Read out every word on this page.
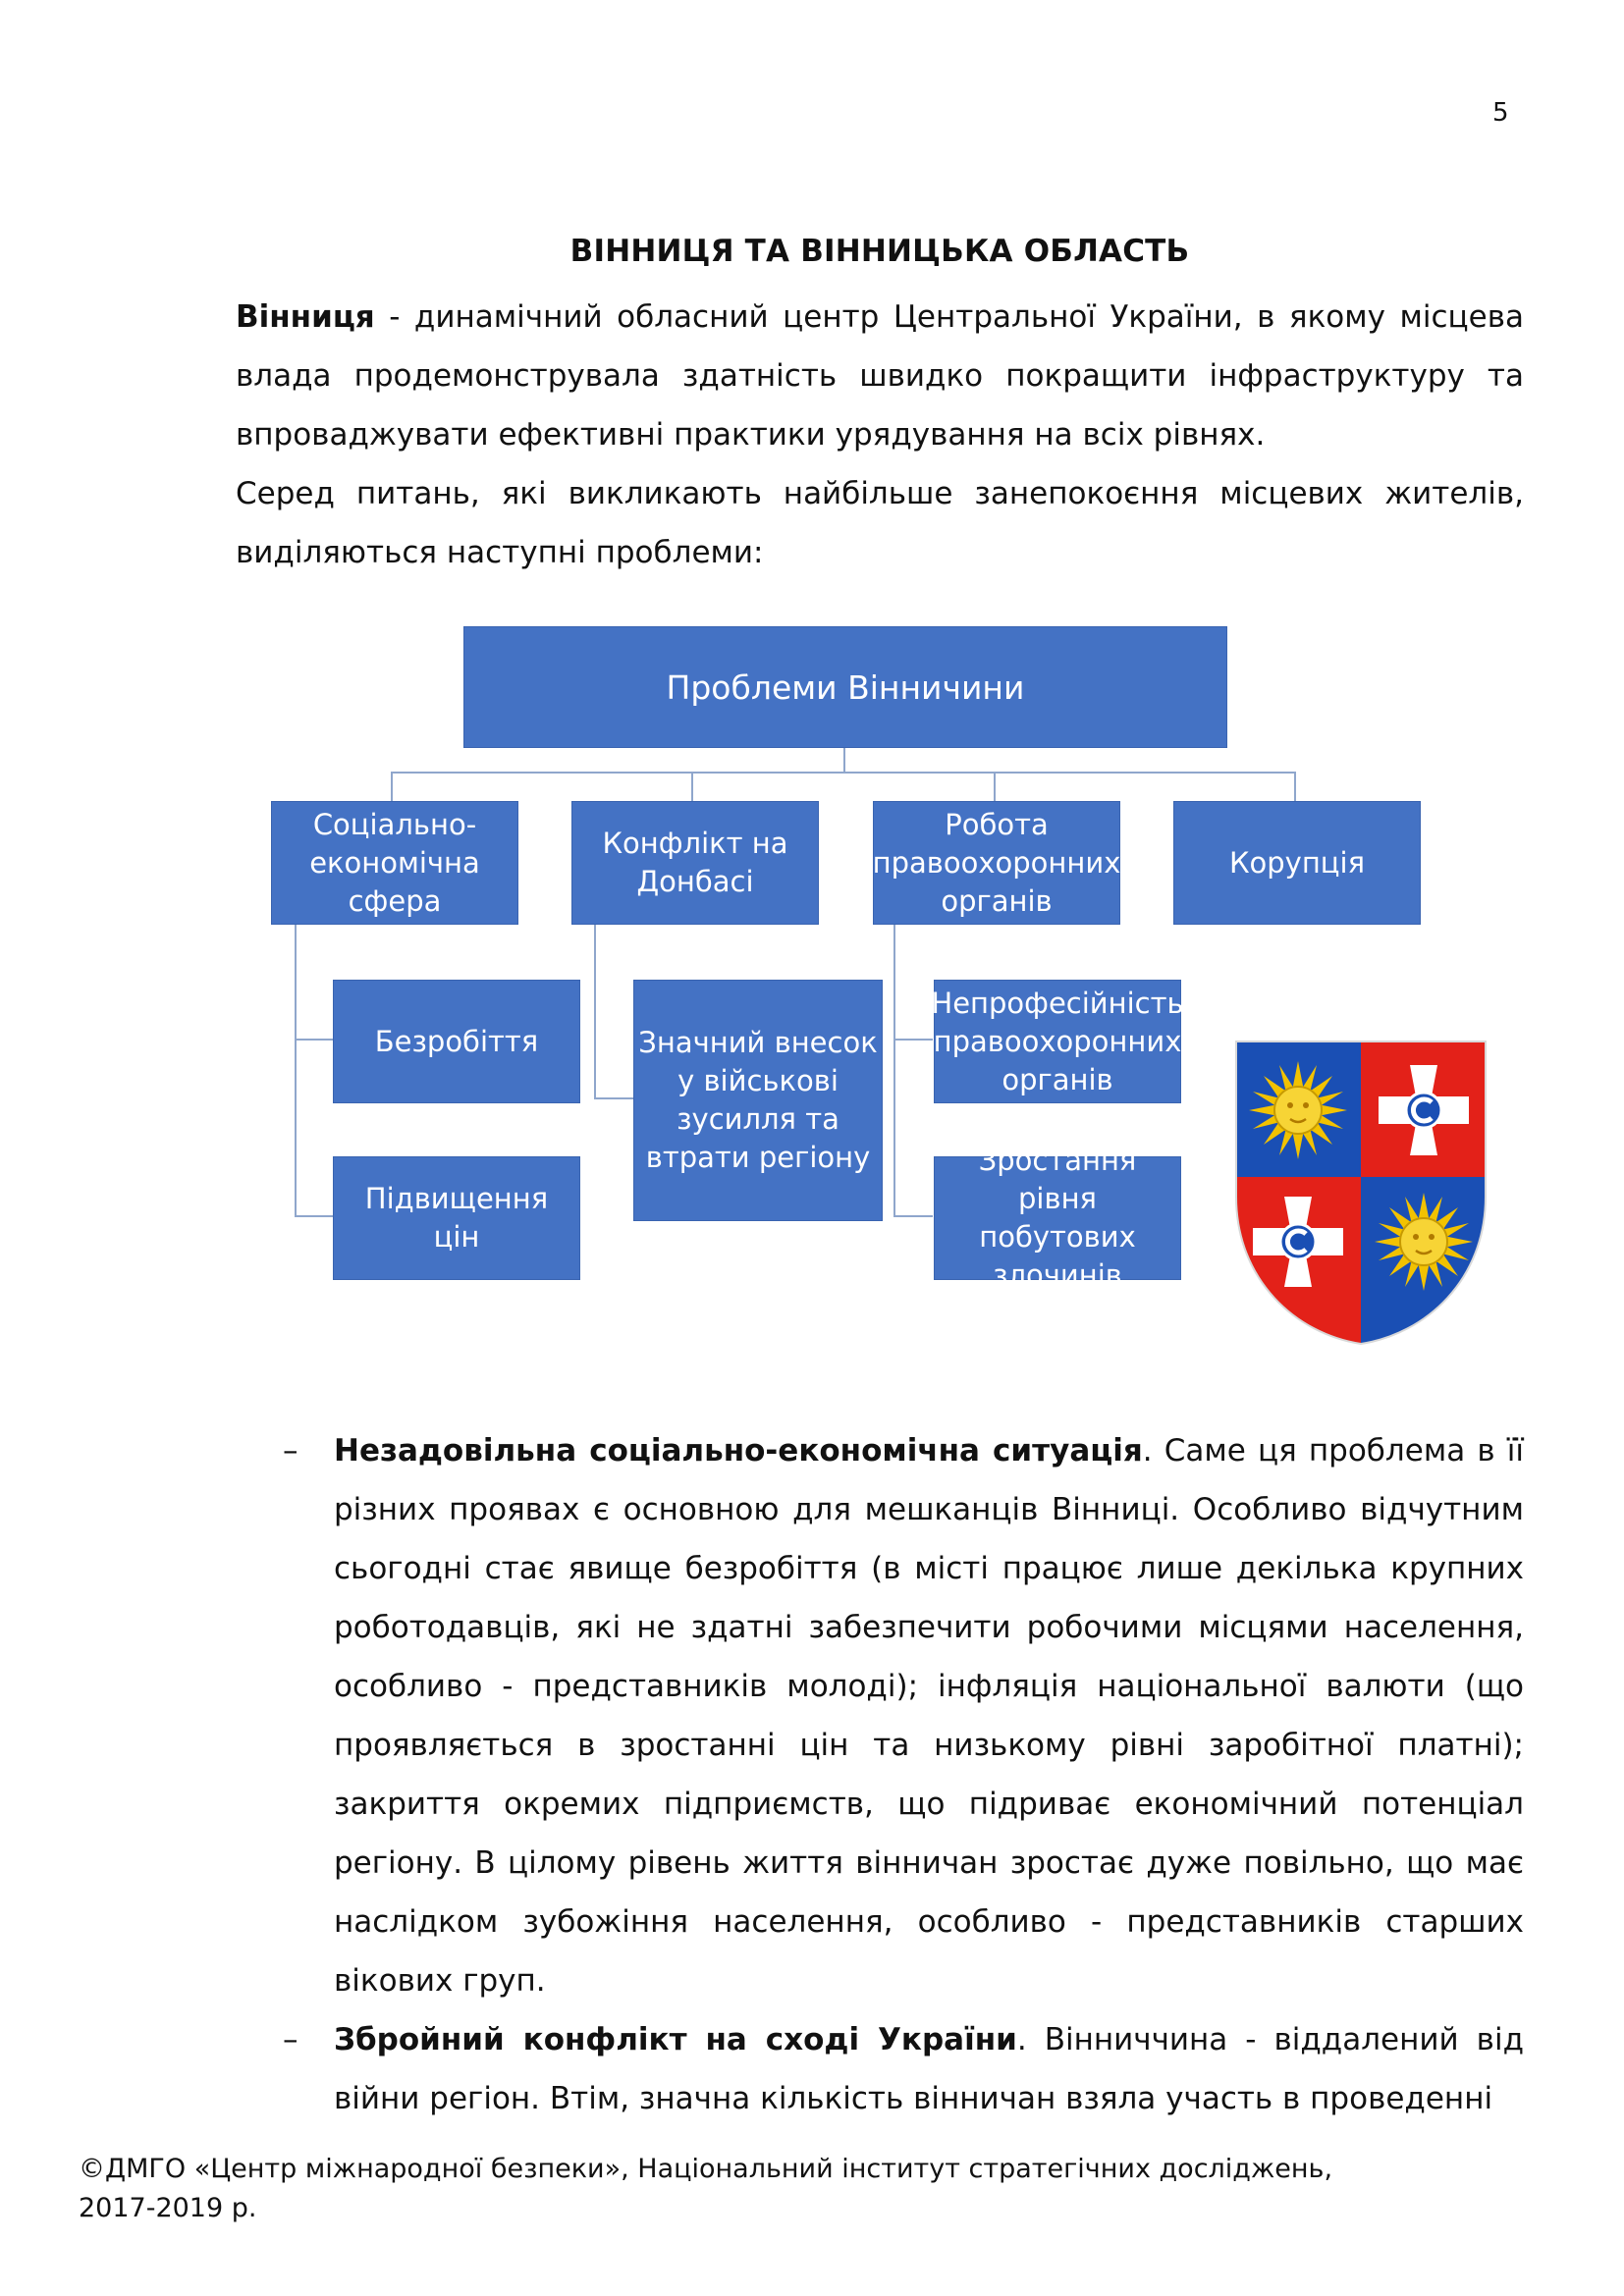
5
ВІННИЦЯ ТА ВІННИЦЬКА ОБЛАСТЬ
Вінниця - динамічний обласний центр Центральної України, в якому місцева влада продемонструвала здатність швидко покращити інфраструктуру та впроваджувати ефективні практики урядування на всіх рівнях.
Серед питань, які викликають найбільше занепокоєння місцевих жителів, виділяються наступні проблеми:
Проблеми Вінничини
Соціально-економічна сфера
Конфлікт на Донбасі
Робота правоохоронних органів
Корупція
Безробіття
Підвищення цін
Значний внесок у військові зусилля та втрати регіону
Непрофесійність правоохоронних органів
Зростання рівня побутових злочинів
– Незадовільна соціально-економічна ситуація. Саме ця проблема в її різних проявах є основною для мешканців Вінниці. Особливо відчутним сьогодні стає явище безробіття (в місті працює лише декілька крупних роботодавців, які не здатні забезпечити робочими місцями населення, особливо - представників молоді); інфляція національної валюти (що проявляється в зростанні цін та низькому рівні заробітної платні); закриття окремих підприємств, що підриває економічний потенціал регіону. В цілому рівень життя вінничан зростає дуже повільно, що має наслідком зубожіння населення, особливо - представників старших вікових груп.
– Збройний конфлікт на сході України. Вінниччина - віддалений від війни регіон. Втім, значна кількість вінничан взяла участь в проведенні
©ДМГО «Центр міжнародної безпеки», Національний інститут стратегічних досліджень,
2017-2019 р.
